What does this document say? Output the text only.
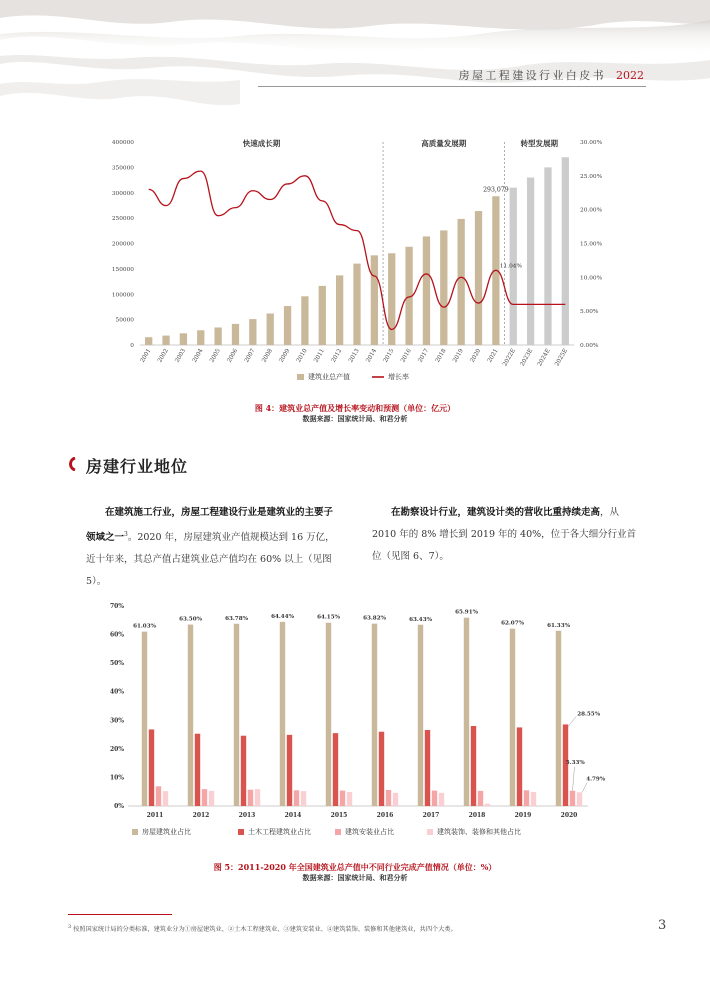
房屋工程建设行业白皮书 2022
0
50000
100000
150000
200000
250000
300000
350000
400000
0.00%
5.00%
10.00%
15.00%
20.00%
25.00%
30.00%
快速成长期	高质量发展期	转型发展期
2001 2002 2003 2004 2005 2006 2007 2008 2009 2010 2011 2012 2013 2014 2015 2016 2017 2018 2019 2020 2021 2022E 2023E 2024E 2025E
293,079
11.04%
建筑业总产值	增长率
图 4：建筑业总产值及增长率变动和预测（单位：亿元）
数据来源：国家统计局、和君分析
房建行业地位
  在建筑施工行业，房屋工程建设行业是建筑业的主要子领域之一$^3$。2020 年，房屋建筑业产值规模达到 16 万亿，近十年来，其总产值占建筑业总产值均在 60% 以上（见图 5）。
  在勘察设计行业，建筑设计类的营收比重持续走高，从 2010 年的 8% 增长到 2019 年的 40%，位于各大细分行业首位（见图 6、7）。
0%
10%
20%
30%
40%
50%
60%
70%
61.03%
2011
63.50%
2012
63.78%
2013
64.44%
2014
64.15%
2015
63.82%
2016
63.43%
2017
65.91%
2018
62.07%
2019
61.33%
2020
28.55%
5.33%
4.79%
房屋建筑业占比	土木工程建筑业占比	建筑安装业占比	建筑装饰、装修和其他占比
图 5：2011-2020 年全国建筑业总产值中不同行业完成产值情况（单位：%）
数据来源：国家统计局、和君分析
$^3$ 按照国家统计局的分类标准，建筑业分为①房屋建筑业、②土木工程建筑业、③建筑安装业、④建筑装饰、装修和其他建筑业，共四个大类。	3
